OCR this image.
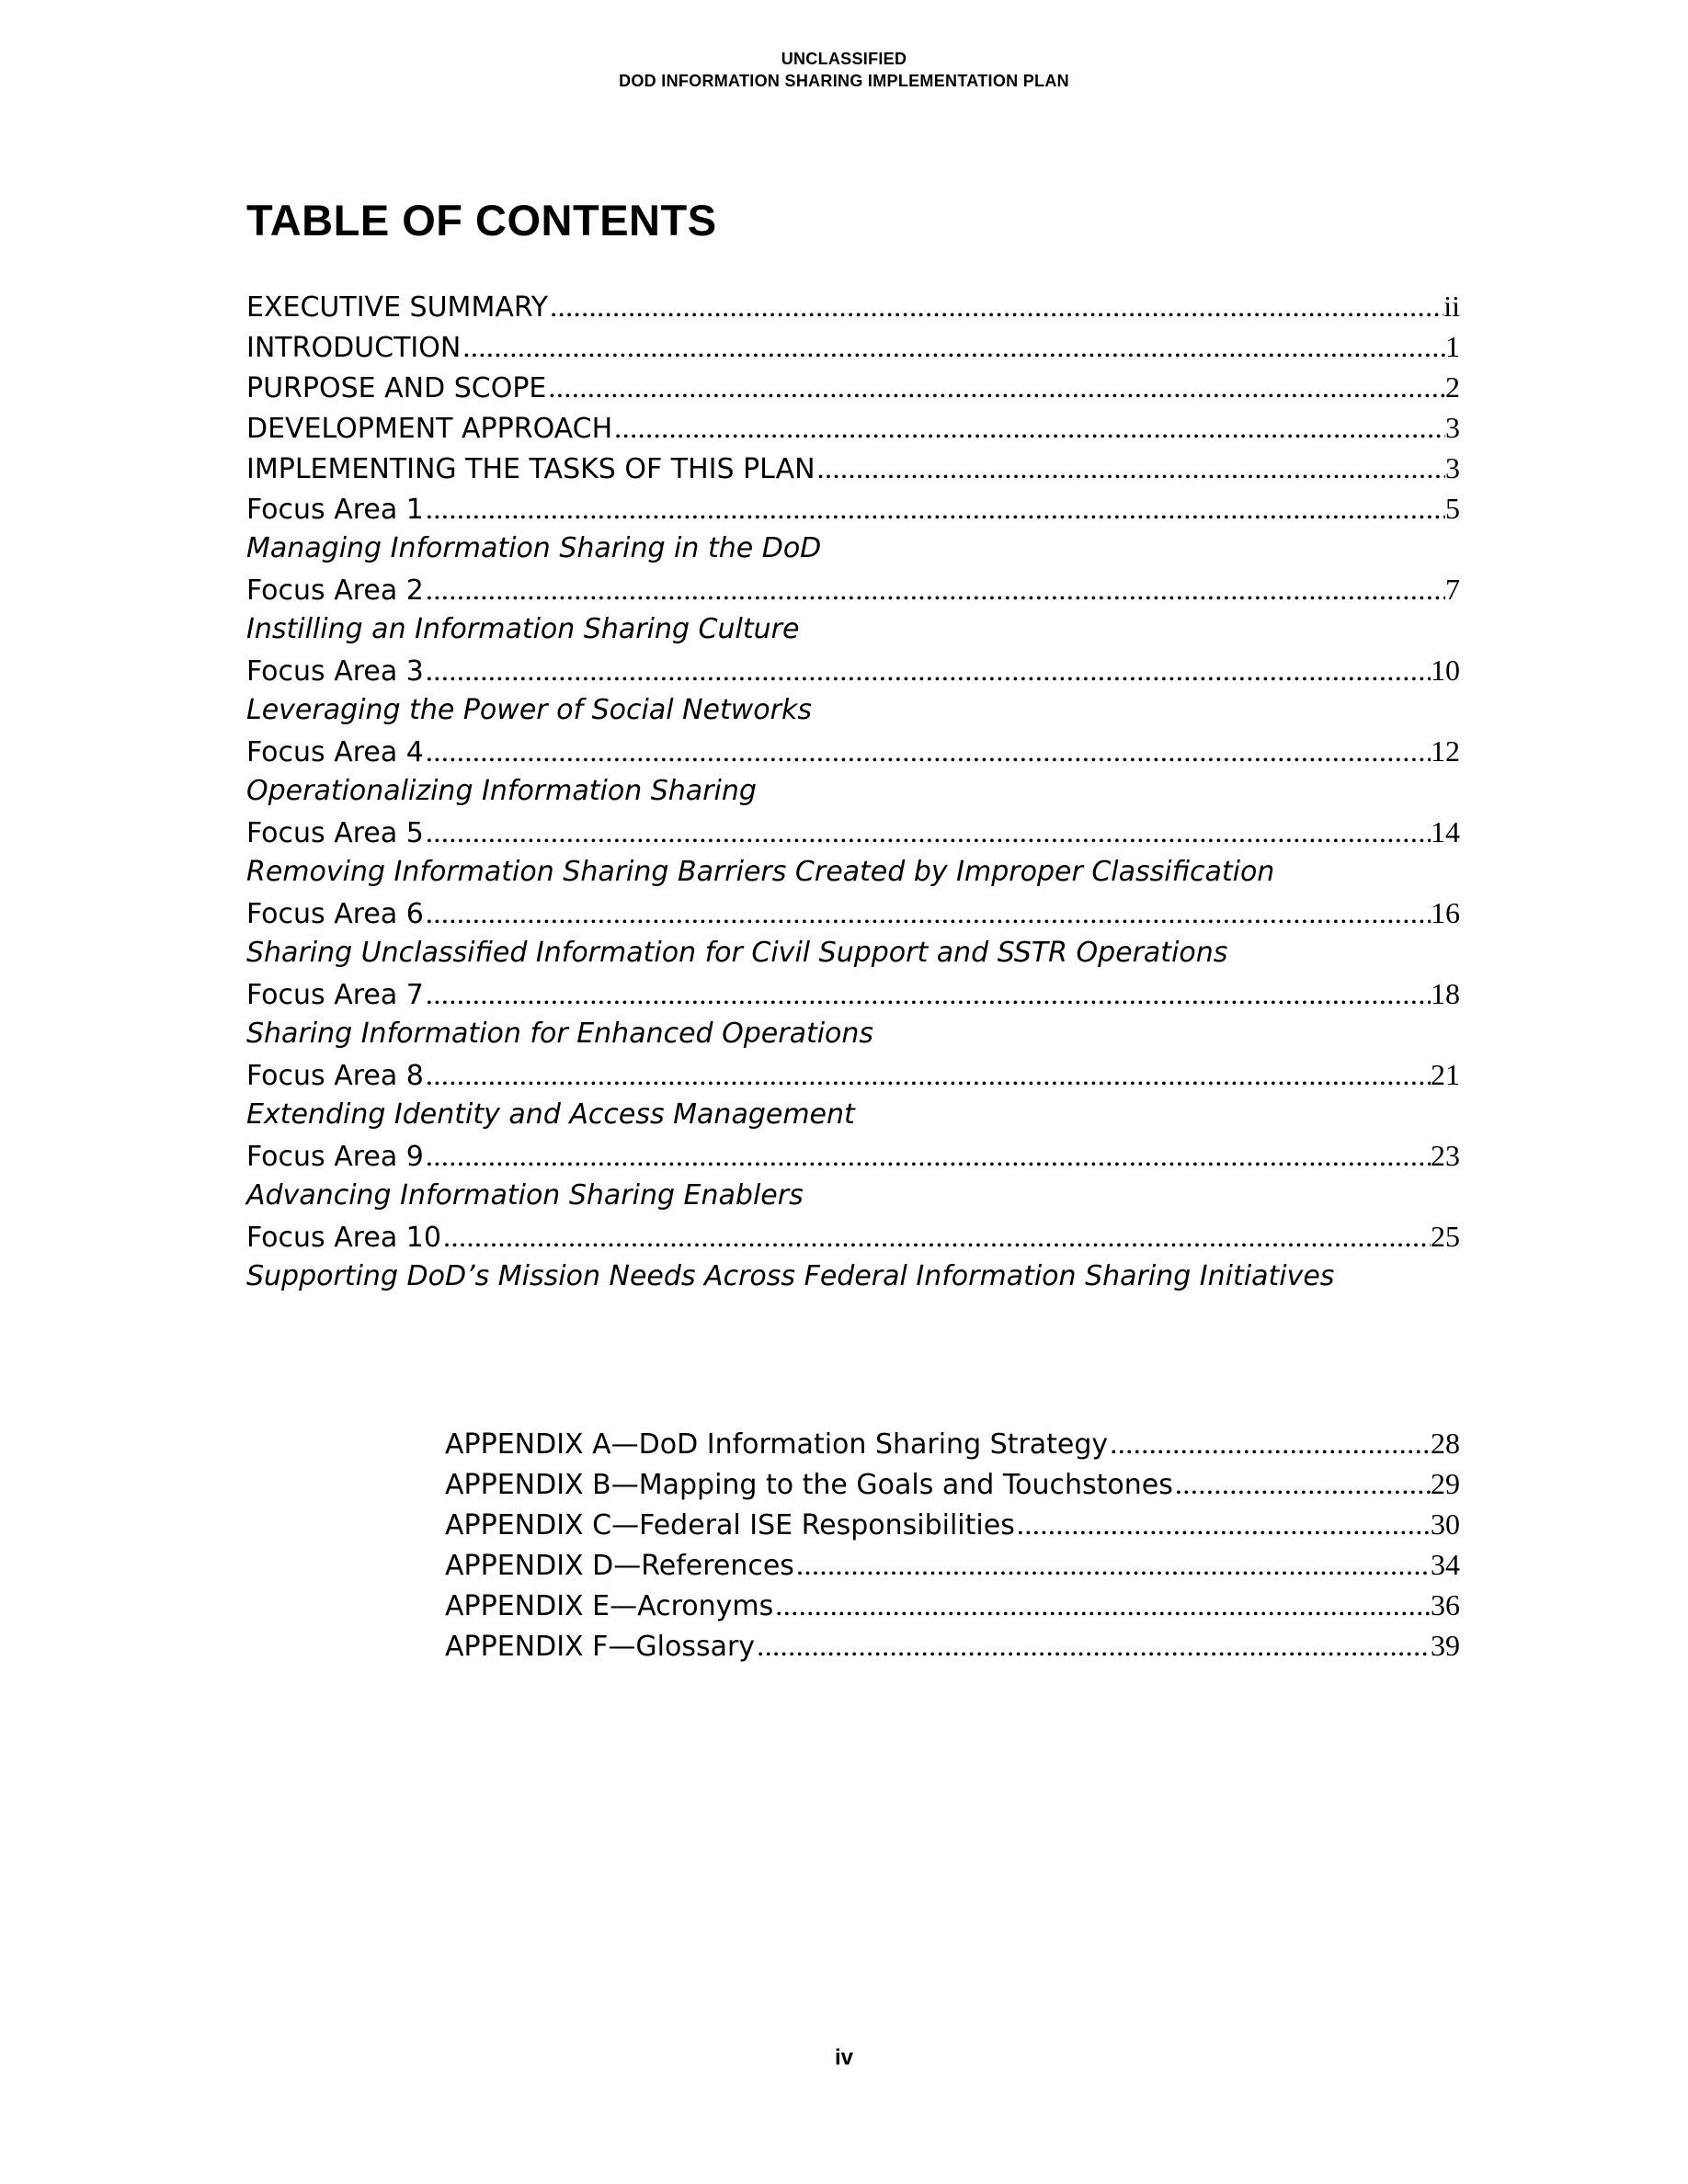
UNCLASSIFIED
DOD INFORMATION SHARING IMPLEMENTATION PLAN
TABLE OF CONTENTS
EXECUTIVE SUMMARY .....	ii
INTRODUCTION .....	1
PURPOSE AND SCOPE .....	2
DEVELOPMENT APPROACH .....	3
IMPLEMENTING THE TASKS OF THIS PLAN .....	3
Focus Area 1 .....	5
Managing Information Sharing in the DoD
Focus Area 2 .....	7
Instilling an Information Sharing Culture
Focus Area 3 .....	10
Leveraging the Power of Social Networks
Focus Area 4 .....	12
Operationalizing Information Sharing
Focus Area 5 .....	14
Removing Information Sharing Barriers Created by Improper Classification
Focus Area 6 .....	16
Sharing Unclassified Information for Civil Support and SSTR Operations
Focus Area 7 .....	18
Sharing Information for Enhanced Operations
Focus Area 8 .....	21
Extending Identity and Access Management
Focus Area 9 .....	23
Advancing Information Sharing Enablers
Focus Area 10 .....	25
Supporting DoD’s Mission Needs Across Federal Information Sharing Initiatives
APPENDIX A—DoD Information Sharing Strategy .....	28
APPENDIX B—Mapping to the Goals and Touchstones .....	29
APPENDIX C—Federal ISE Responsibilities .....	30
APPENDIX D—References .....	34
APPENDIX E—Acronyms .....	36
APPENDIX F—Glossary .....	39
iv
